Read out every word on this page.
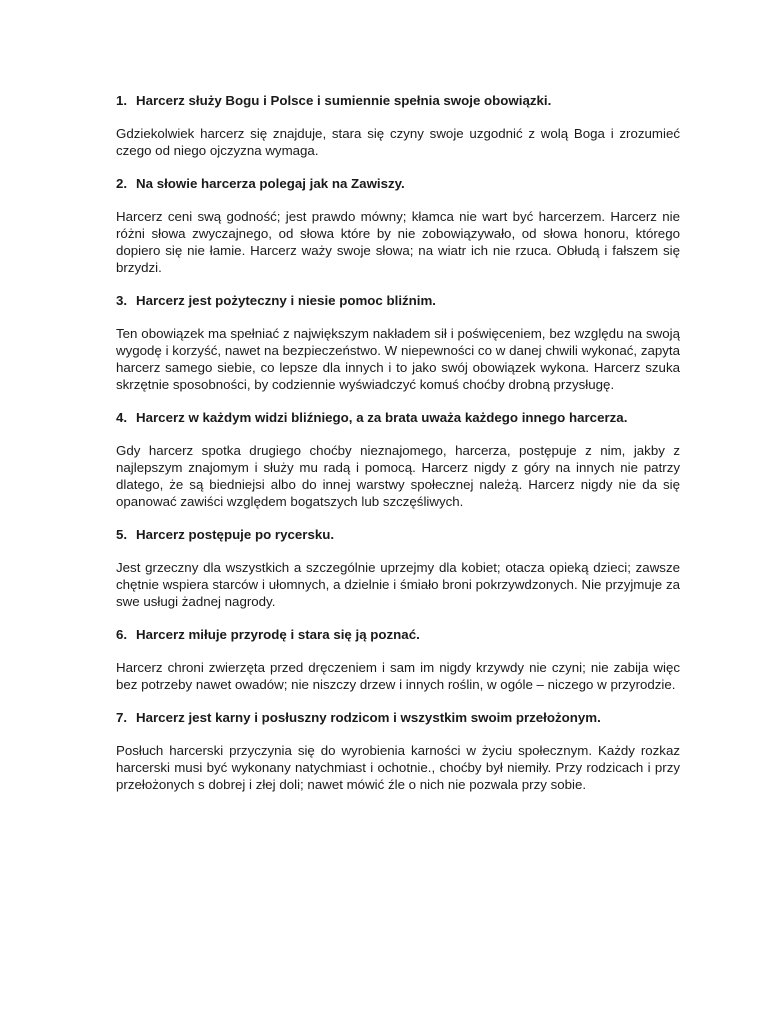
1. Harcerz służy Bogu i Polsce i sumiennie spełnia swoje obowiązki.

Gdziekolwiek harcerz się znajduje, stara się czyny swoje uzgodnić z wolą Boga i zrozumieć czego od niego ojczyzna wymaga.

2. Na słowie harcerza polegaj jak na Zawiszy.

Harcerz ceni swą godność; jest prawdo mówny; kłamca nie wart być harcerzem. Harcerz nie różni słowa zwyczajnego, od słowa które by nie zobowiązywało, od słowa honoru, którego dopiero się nie łamie. Harcerz waży swoje słowa; na wiatr ich nie rzuca. Obłudą i fałszem się brzydzi.

3. Harcerz jest pożyteczny i niesie pomoc bliźnim.

Ten obowiązek ma spełniać z największym nakładem sił i poświęceniem, bez względu na swoją wygodę i korzyść, nawet na bezpieczeństwo. W niepewności co w danej chwili wykonać, zapyta harcerz samego siebie, co lepsze dla innych i to jako swój obowiązek wykona. Harcerz szuka skrzętnie sposobności, by codziennie wyświadczyć komuś choćby drobną przysługę.

4. Harcerz w każdym widzi bliźniego, a za brata uważa każdego innego harcerza.

Gdy harcerz spotka drugiego choćby nieznajomego, harcerza, postępuje z nim, jakby z najlepszym znajomym i służy mu radą i pomocą. Harcerz nigdy z góry na innych nie patrzy dlatego, że są biedniejsi albo do innej warstwy społecznej należą. Harcerz nigdy nie da się opanować zawiści względem bogatszych lub szczęśliwych.

5. Harcerz postępuje po rycersku.

Jest grzeczny dla wszystkich a szczególnie uprzejmy dla kobiet; otacza opieką dzieci; zawsze chętnie wspiera starców i ułomnych, a dzielnie i śmiało broni pokrzywdzonych. Nie przyjmuje za swe usługi żadnej nagrody.

6. Harcerz miłuje przyrodę i stara się ją poznać.

Harcerz chroni zwierzęta przed dręczeniem i sam im nigdy krzywdy nie czyni; nie zabija więc bez potrzeby nawet owadów; nie niszczy drzew i innych roślin, w ogóle – niczego w przyrodzie.

7. Harcerz jest karny i posłuszny rodzicom i wszystkim swoim przełożonym.

Posłuch harcerski przyczynia się do wyrobienia karności w życiu społecznym. Każdy rozkaz harcerski musi być wykonany natychmiast i ochotnie., choćby był niemiły. Przy rodzicach i przy przełożonych s dobrej i złej doli; nawet mówić źle o nich nie pozwala przy sobie.
